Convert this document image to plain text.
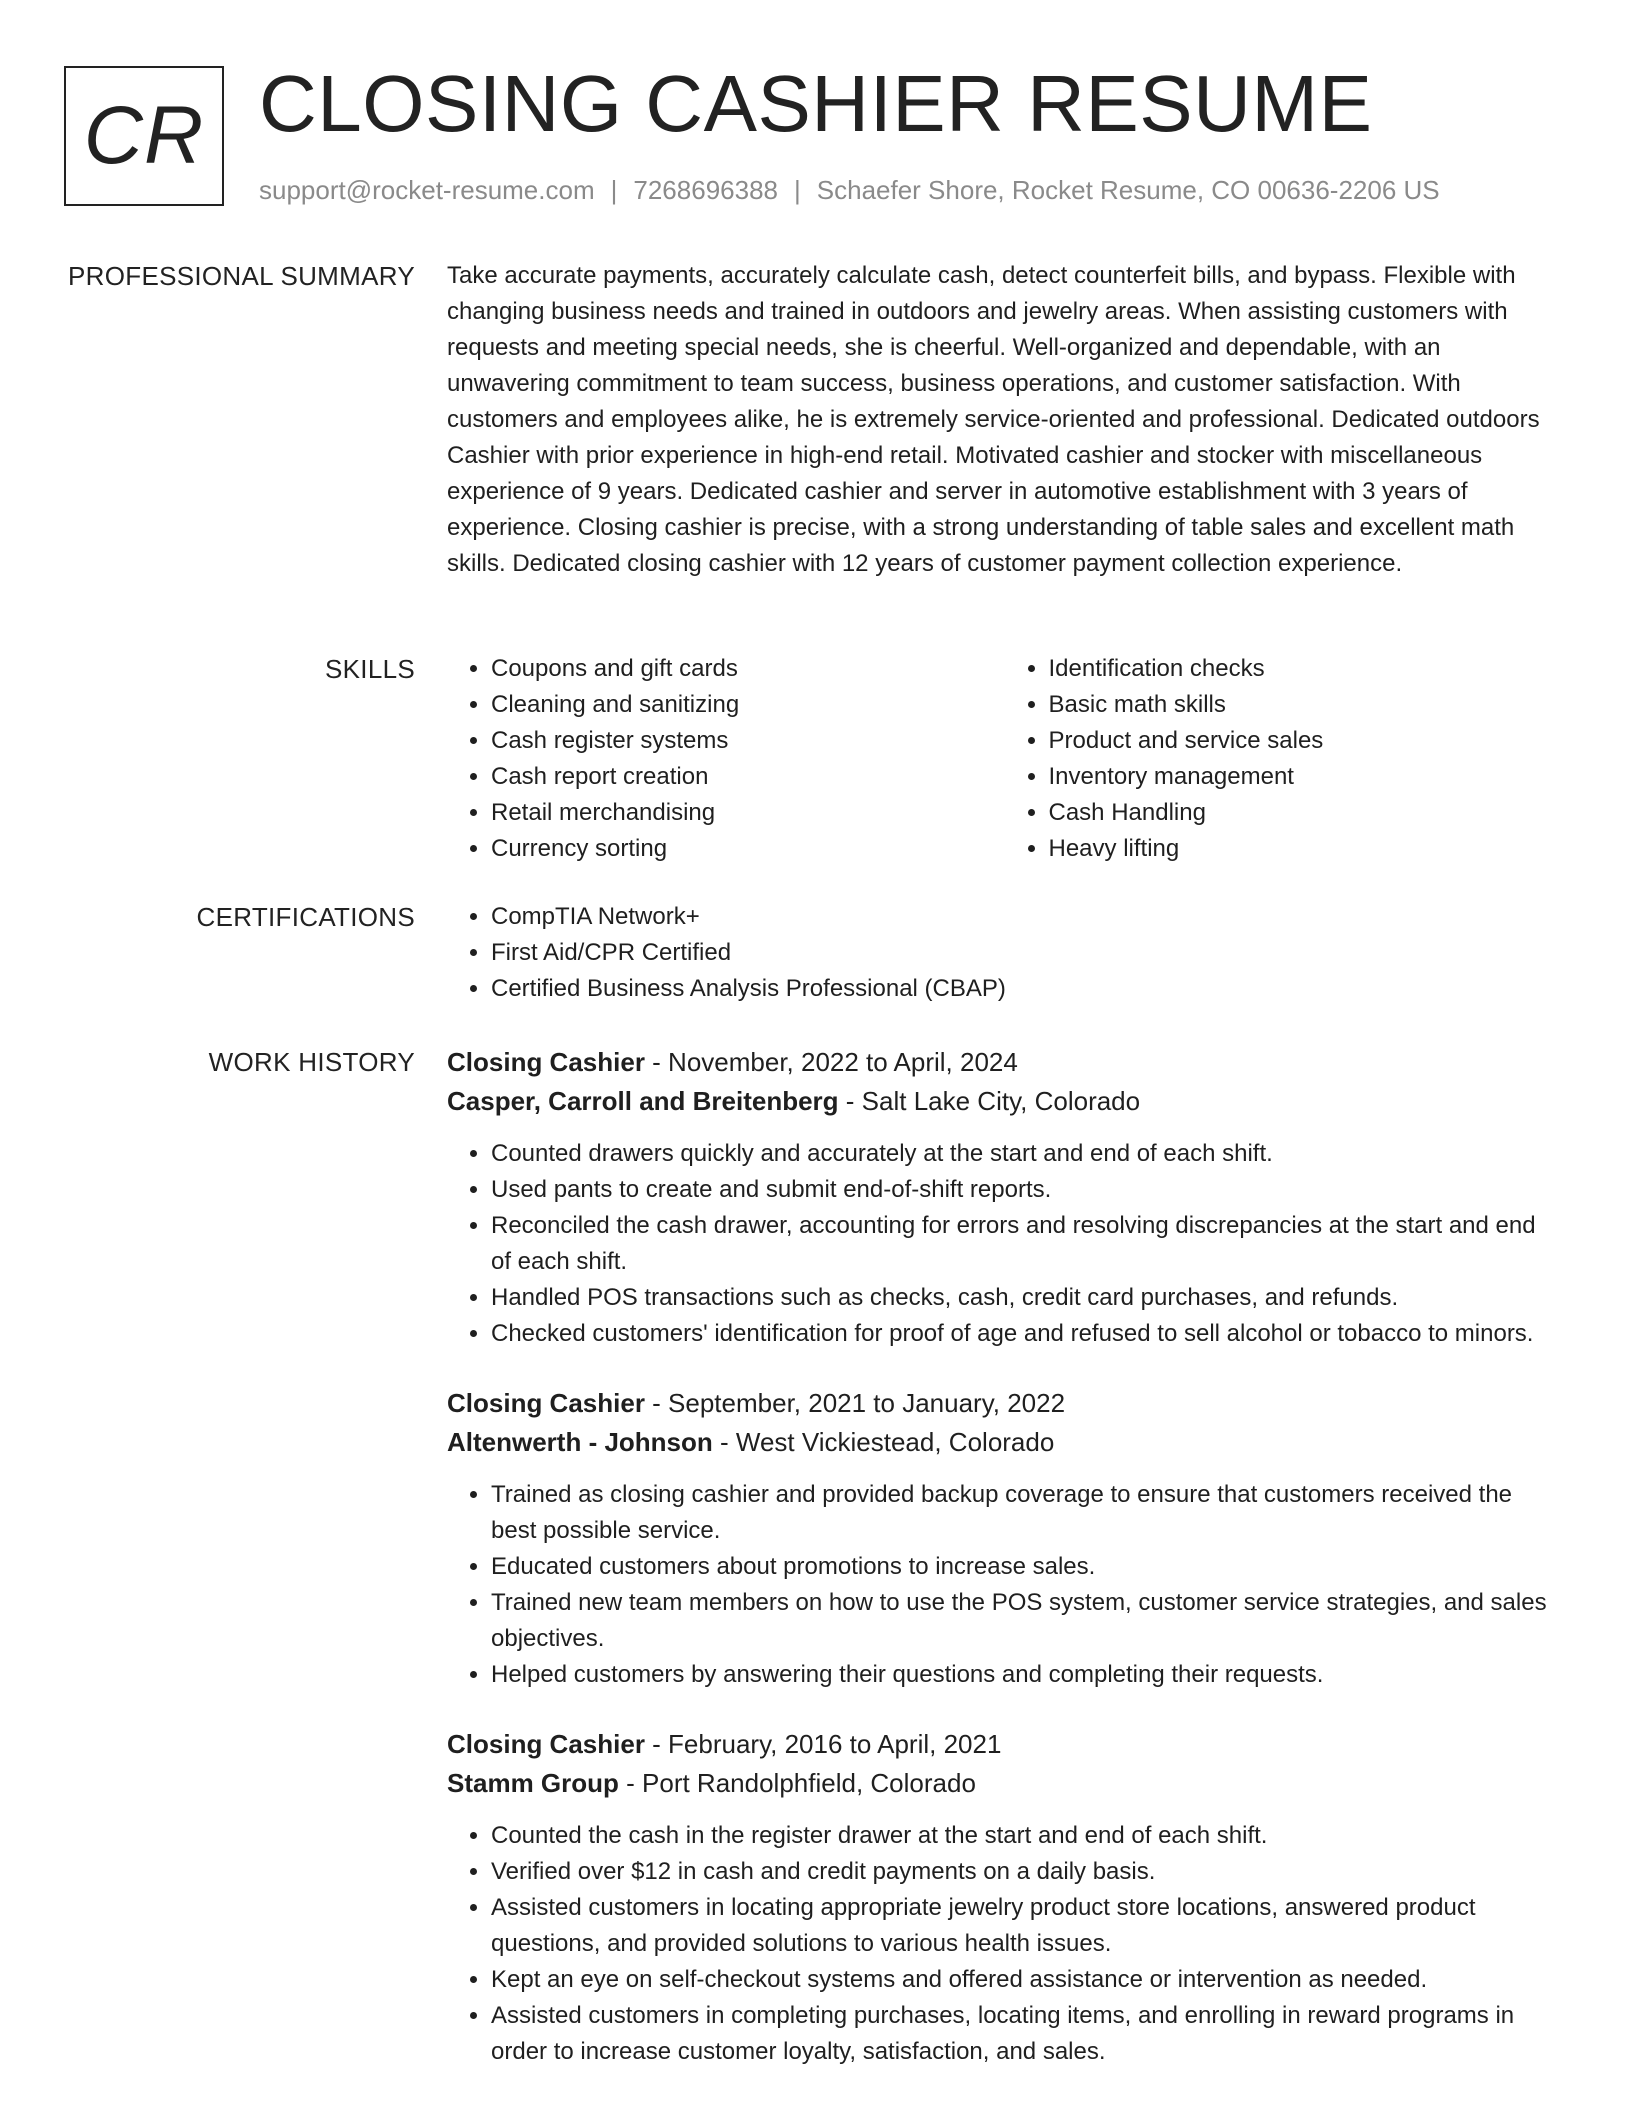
CR CLOSING CASHIER RESUME
support@rocket-resume.com | 7268696388 | Schaefer Shore, Rocket Resume, CO 00636-2206 US
PROFESSIONAL SUMMARY Take accurate payments, accurately calculate cash, detect counterfeit bills, and bypass. Flexible with changing business needs and trained in outdoors and jewelry areas. When assisting customers with requests and meeting special needs, she is cheerful. Well-organized and dependable, with an unwavering commitment to team success, business operations, and customer satisfaction. With customers and employees alike, he is extremely service-oriented and professional. Dedicated outdoors Cashier with prior experience in high-end retail. Motivated cashier and stocker with miscellaneous experience of 9 years. Dedicated cashier and server in automotive establishment with 3 years of experience. Closing cashier is precise, with a strong understanding of table sales and excellent math skills. Dedicated closing cashier with 12 years of customer payment collection experience.
SKILLS	• Coupons and gift cards
• Cleaning and sanitizing
• Cash register systems
• Cash report creation
• Retail merchandising
• Currency sorting
• Identification checks
• Basic math skills
• Product and service sales
• Inventory management
• Cash Handling
• Heavy lifting
CERTIFICATIONS	• CompTIA Network+
• First Aid/CPR Certified
• Certified Business Analysis Professional (CBAP)
WORK HISTORY Closing Cashier - November, 2022 to April, 2024
Casper, Carroll and Breitenberg - Salt Lake City, Colorado
• Counted drawers quickly and accurately at the start and end of each shift.
• Used pants to create and submit end-of-shift reports.
• Reconciled the cash drawer, accounting for errors and resolving discrepancies at the start and end of each shift.
• Handled POS transactions such as checks, cash, credit card purchases, and refunds.
• Checked customers' identification for proof of age and refused to sell alcohol or tobacco to minors.
Closing Cashier - September, 2021 to January, 2022
Altenwerth - Johnson - West Vickiestead, Colorado
• Trained as closing cashier and provided backup coverage to ensure that customers received the best possible service.
• Educated customers about promotions to increase sales.
• Trained new team members on how to use the POS system, customer service strategies, and sales objectives.
• Helped customers by answering their questions and completing their requests.
Closing Cashier - February, 2016 to April, 2021
Stamm Group - Port Randolphfield, Colorado
• Counted the cash in the register drawer at the start and end of each shift.
• Verified over $12 in cash and credit payments on a daily basis.
• Assisted customers in locating appropriate jewelry product store locations, answered product questions, and provided solutions to various health issues.
• Kept an eye on self-checkout systems and offered assistance or intervention as needed.
• Assisted customers in completing purchases, locating items, and enrolling in reward programs in order to increase customer loyalty, satisfaction, and sales.
